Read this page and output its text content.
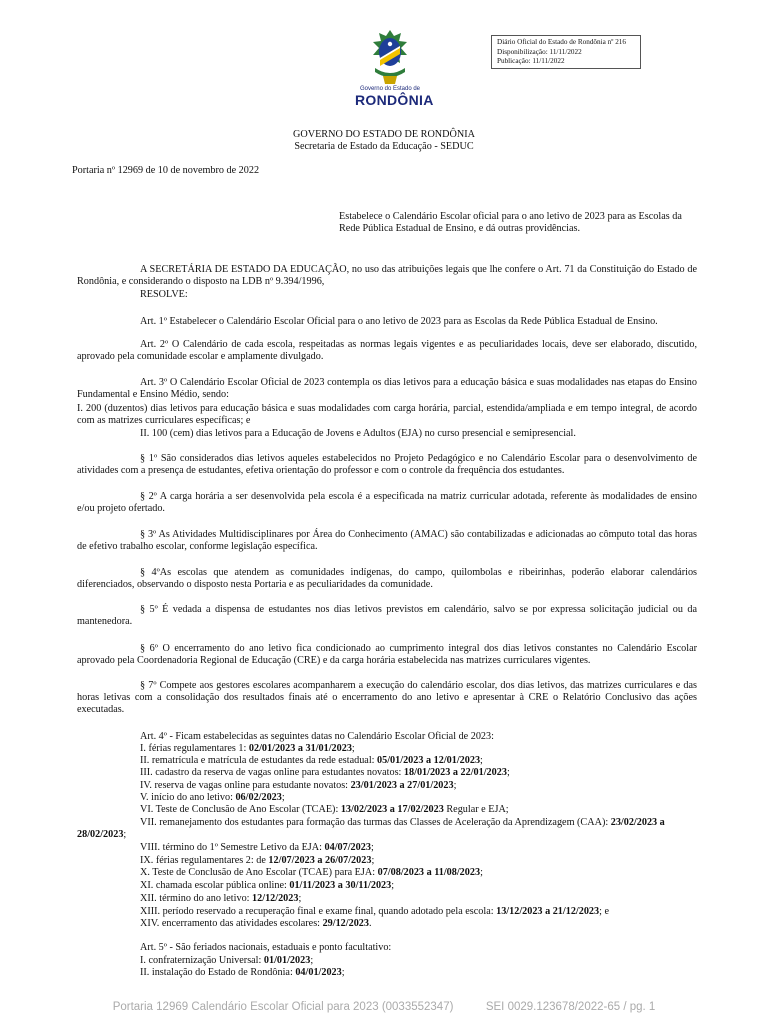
Diário Oficial do Estado de Rondônia nº 216
Disponibilização: 11/11/2022
Publicação: 11/11/2022
Governo do Estado de
RONDÔNIA
GOVERNO DO ESTADO DE RONDÔNIA
Secretaria de Estado da Educação - SEDUC
Portaria nº 12969 de 10 de novembro de 2022
Estabelece o Calendário Escolar oficial para o ano letivo de 2023 para as Escolas da Rede Pública Estadual de Ensino, e dá outras providências.
A SECRETÁRIA DE ESTADO DA EDUCAÇÃO, no uso das atribuições legais que lhe confere o Art. 71 da Constituição do Estado de Rondônia, e considerando o disposto na LDB nº 9.394/1996,
RESOLVE:
Art. 1º Estabelecer o Calendário Escolar Oficial para o ano letivo de 2023 para as Escolas da Rede Pública Estadual de Ensino.
Art. 2º O Calendário de cada escola, respeitadas as normas legais vigentes e as peculiaridades locais, deve ser elaborado, discutido, aprovado pela comunidade escolar e amplamente divulgado.
Art. 3º O Calendário Escolar Oficial de 2023 contempla os dias letivos para a educação básica e suas modalidades nas etapas do Ensino Fundamental e Ensino Médio, sendo:
I. 200 (duzentos) dias letivos para educação básica e suas modalidades com carga horária, parcial, estendida/ampliada e em tempo integral, de acordo com as matrizes curriculares específicas; e
II. 100 (cem) dias letivos para a Educação de Jovens e Adultos (EJA) no curso presencial e semipresencial.
§ 1º São considerados dias letivos aqueles estabelecidos no Projeto Pedagógico e no Calendário Escolar para o desenvolvimento de atividades com a presença de estudantes, efetiva orientação do professor e com o controle da frequência dos estudantes.
§ 2º A carga horária a ser desenvolvida pela escola é a especificada na matriz curricular adotada, referente às modalidades de ensino e/ou projeto ofertado.
§ 3º As Atividades Multidisciplinares por Área do Conhecimento (AMAC) são contabilizadas e adicionadas ao cômputo total das horas de efetivo trabalho escolar, conforme legislação específica.
§ 4ºAs escolas que atendem as comunidades indígenas, do campo, quilombolas e ribeirinhas, poderão elaborar calendários diferenciados, observando o disposto nesta Portaria e as peculiaridades da comunidade.
§ 5º É vedada a dispensa de estudantes nos dias letivos previstos em calendário, salvo se por expressa solicitação judicial ou da mantenedora.
§ 6º O encerramento do ano letivo fica condicionado ao cumprimento integral dos dias letivos constantes no Calendário Escolar aprovado pela Coordenadoria Regional de Educação (CRE) e da carga horária estabelecida nas matrizes curriculares vigentes.
§ 7º Compete aos gestores escolares acompanharem a execução do calendário escolar, dos dias letivos, das matrizes curriculares e das horas letivas com a consolidação dos resultados finais até o encerramento do ano letivo e apresentar à CRE o Relatório Conclusivo das ações executadas.
Art. 4º - Ficam estabelecidas as seguintes datas no Calendário Escolar Oficial de 2023:
I. férias regulamentares 1: 02/01/2023 a 31/01/2023;
II. rematrícula e matrícula de estudantes da rede estadual: 05/01/2023 a 12/01/2023;
III. cadastro da reserva de vagas online para estudantes novatos: 18/01/2023 a 22/01/2023;
IV. reserva de vagas online para estudante novatos: 23/01/2023 a 27/01/2023;
V. início do ano letivo: 06/02/2023;
VI. Teste de Conclusão de Ano Escolar (TCAE): 13/02/2023 a 17/02/2023 Regular e EJA;
VII. remanejamento dos estudantes para formação das turmas das Classes de Aceleração da Aprendizagem (CAA): 23/02/2023 a
28/02/2023;
VIII. término do 1º Semestre Letivo da EJA: 04/07/2023;
IX. férias regulamentares 2: de 12/07/2023 a 26/07/2023;
X. Teste de Conclusão de Ano Escolar (TCAE) para EJA: 07/08/2023 a 11/08/2023;
XI. chamada escolar pública online: 01/11/2023 a 30/11/2023;
XII. término do ano letivo: 12/12/2023;
XIII. período reservado a recuperação final e exame final, quando adotado pela escola: 13/12/2023 a 21/12/2023; e
XIV. encerramento das atividades escolares: 29/12/2023.
Art. 5º - São feriados nacionais, estaduais e ponto facultativo:
I. confraternização Universal: 01/01/2023;
II. instalação do Estado de Rondônia: 04/01/2023;
Portaria 12969 Calendário Escolar Oficial para 2023 (0033552347)	SEI 0029.123678/2022-65 / pg. 1
